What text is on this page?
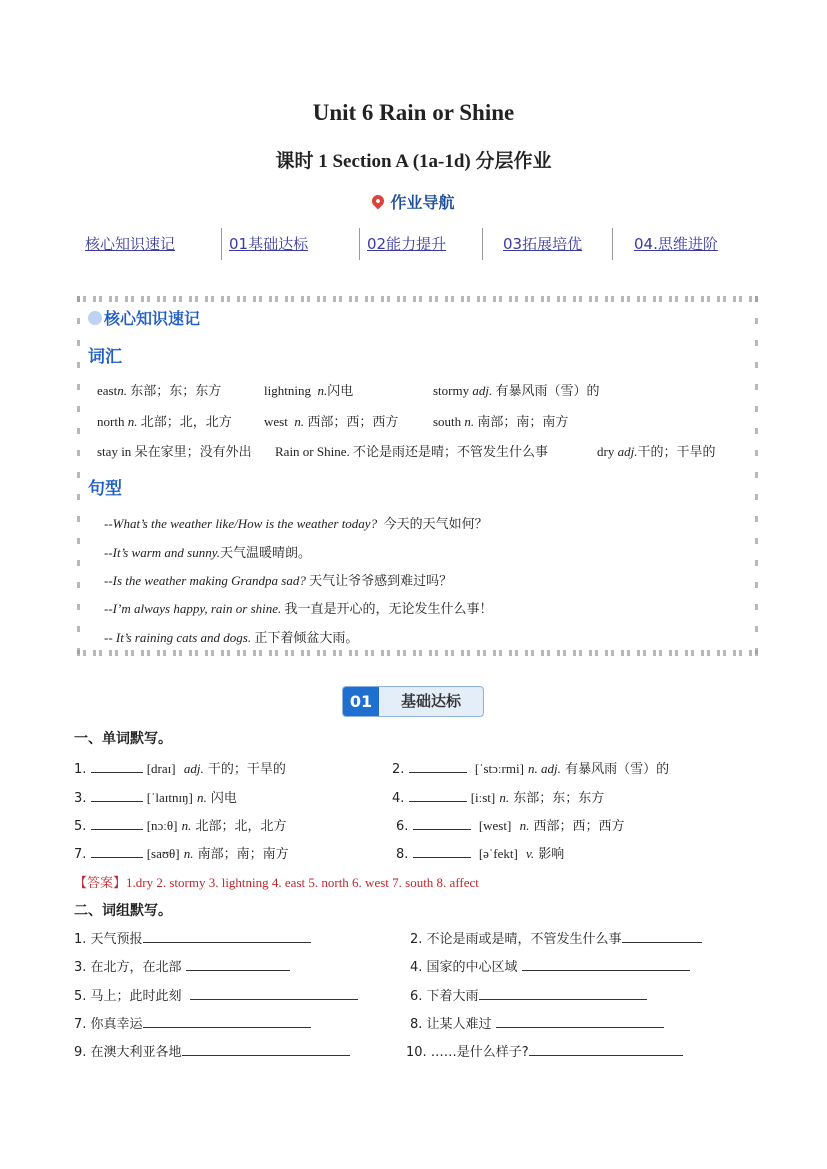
Unit 6 Rain or Shine
课时 1 Section A (1a-1d) 分层作业
作业导航
核心知识速记	01基础达标	02能力提升	03拓展培优	04.思维进阶
核心知识速记
词汇
eastn. 东部；东；东方	lightning n.闪电	stormy adj. 有暴风雨（雪）的
north n. 北部；北，北方 west n. 西部；西；西方	south n. 南部；南；南方
stay in 呆在家里；没有外出 Rain or Shine. 不论是雨还是晴；不管发生什么事	dry adj.干的；干旱的
句型
--What’s the weather like/How is the weather today? 今天的天气如何？
--It’s warm and sunny.天气温暖晴朗。
--Is the weather making Grandpa sad? 天气让爷爷感到难过吗？
--I’m always happy, rain or shine. 我一直是开心的，无论发生什么事！
-- It’s raining cats and dogs. 正下着倾盆大雨。
01	基础达标
一、单词默写。
1.	[draɪ] adj. 干的；干旱的	2.	[ˈstɔːrmi] n. adj. 有暴风雨（雪）的
3.	[ˈlaɪtnɪŋ] n. 闪电	4.	[iːst] n. 东部；东；东方
5.	[nɔːθ] n. 北部；北，北方	6.	[west] n. 西部；西；西方
7.	[saʊθ] n. 南部；南；南方	8.	[əˈfekt] v. 影响
【答案】1.dry 2. stormy 3. lightning 4. east 5. north 6. west 7. south 8. affect
二、词组默写。
1. 天气预报	2. 不论是雨或是晴，不管发生什么事
3. 在北方，在北部	4. 国家的中心区域
5. 马上；此时此刻	6. 下着大雨
7. 你真幸运	8. 让某人难过
9. 在澳大利亚各地	10. ……是什么样子?
